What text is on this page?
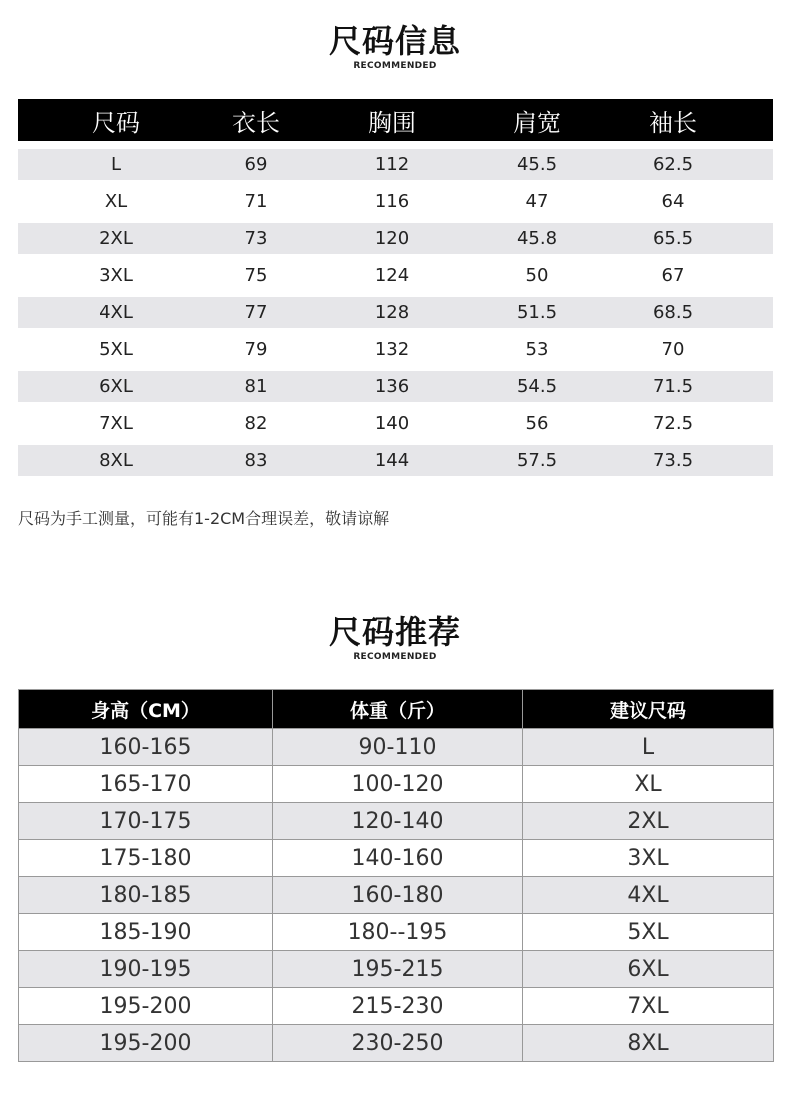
尺码信息
RECOMMENDED
尺码	衣长	胸围	肩宽	袖长
L	69	112	45.5	62.5
XL	71	116	47	64
2XL	73	120	45.8	65.5
3XL	75	124	50	67
4XL	77	128	51.5	68.5
5XL	79	132	53	70
6XL	81	136	54.5	71.5
7XL	82	140	56	72.5
8XL	83	144	57.5	73.5
尺码为手工测量，可能有1-2CM合理误差，敬请谅解
尺码推荐
RECOMMENDED
身高（CM）	体重（斤）	建议尺码
160-165	90-110	L
165-170	100-120	XL
170-175	120-140	2XL
175-180	140-160	3XL
180-185	160-180	4XL
185-190	180--195	5XL
190-195	195-215	6XL
195-200	215-230	7XL
195-200	230-250	8XL
